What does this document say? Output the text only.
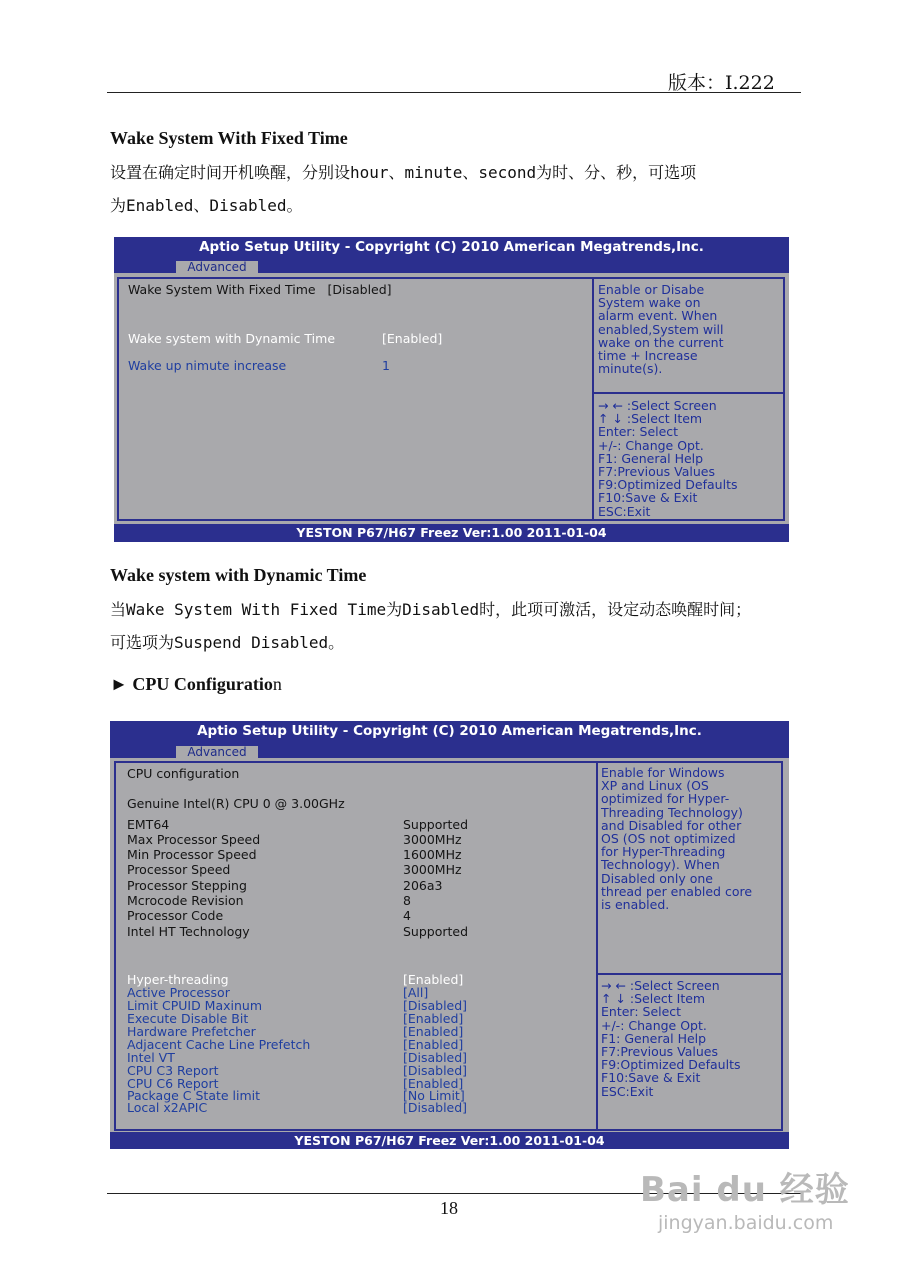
版本：I.222
Wake System With Fixed Time
设置在确定时间开机唤醒，分别设hour、minute、second为时、分、秒，可选项
为Enabled、Disabled。
Aptio Setup Utility - Copyright (C) 2010 American Megatrends,Inc.
Advanced
Wake System With Fixed Time [Disabled]
Wake system with Dynamic Time	[Enabled]
Wake up nimute increase	1
Enable or Disabe
System wake on
alarm event. When
enabled,System will
wake on the current
time + Increase
minute(s).
→ ← :Select Screen
↑ ↓ :Select Item
Enter: Select
+/-: Change Opt.
F1: General Help
F7:Previous Values
F9:Optimized Defaults
F10:Save & Exit
ESC:Exit
YESTON P67/H67 Freez Ver:1.00 2011-01-04
Wake system with Dynamic Time
当Wake System With Fixed Time为Disabled时，此项可激活，设定动态唤醒时间；
可选项为Suspend Disabled。
► CPU Configuration
Aptio Setup Utility - Copyright (C) 2010 American Megatrends,Inc.
Advanced
CPU configuration
Genuine Intel(R) CPU 0 @ 3.00GHz
EMT64	Supported
Max Processor Speed	3000MHz
Min Processor Speed	1600MHz
Processor Speed	3000MHz
Processor Stepping	206a3
Mcrocode Revision	8
Processor Code	4
Intel HT Technology	Supported
Hyper-threading	[Enabled]
Active Processor	[All]
Limit CPUID Maxinum	[Disabled]
Execute Disable Bit	[Enabled]
Hardware Prefetcher	[Enabled]
Adjacent Cache Line Prefetch	[Enabled]
Intel VT	[Disabled]
CPU C3 Report	[Disabled]
CPU C6 Report	[Enabled]
Package C State limit	[No Limit]
Local x2APIC	[Disabled]
Enable for Windows
XP and Linux (OS
optimized for Hyper-
Threading Technology)
and Disabled for other
OS (OS not optimized
for Hyper-Threading
Technology). When
Disabled only one
thread per enabled core
is enabled.
→ ← :Select Screen
↑ ↓ :Select Item
Enter: Select
+/-: Change Opt.
F1: General Help
F7:Previous Values
F9:Optimized Defaults
F10:Save & Exit
ESC:Exit
YESTON P67/H67 Freez Ver:1.00 2011-01-04
18	Bai du 经验
jingyan.baidu.com
